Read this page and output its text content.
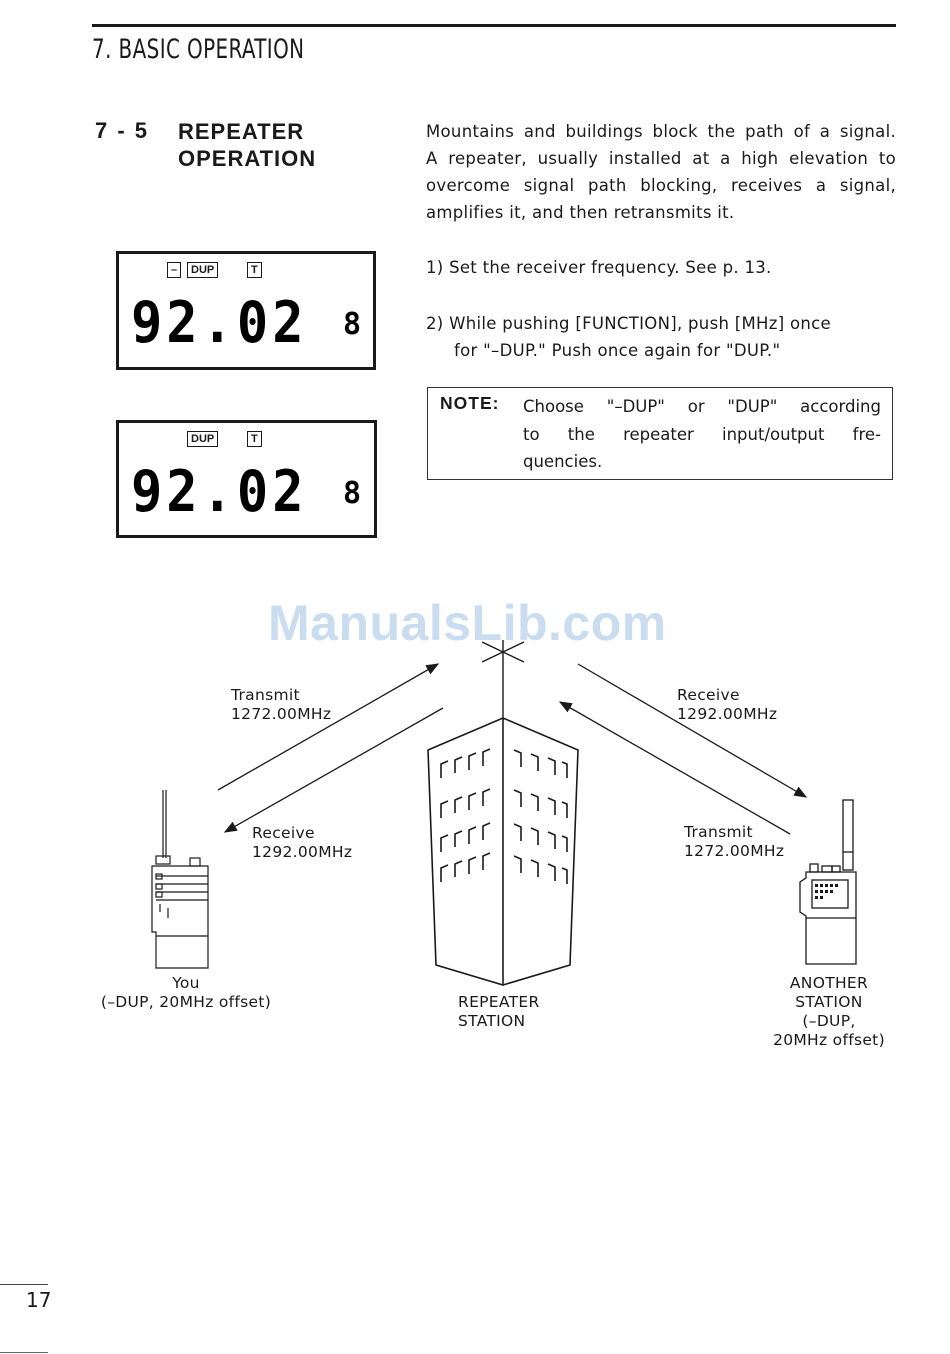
7. BASIC OPERATION
7 - 5 REPEATER
OPERATION
Mountains and buildings block the path of a signal.
A repeater, usually installed at a high elevation to
overcome signal path blocking, receives a signal,
amplifies it, and then retransmits it.
1) Set the receiver frequency. See p. 13.
2) While pushing [FUNCTION], push [MHz] once
for "–DUP." Push once again for "DUP."
NOTE: Choose "–DUP" or "DUP" according
to the repeater input/output fre-
quencies.
–	DUP	T
92.02 8
DUP	T
92.02 8
ManualsLib.com
Transmit
1272.00MHz
Receive
1292.00MHz
Receive
1292.00MHz
Transmit
1272.00MHz
You
(–DUP, 20MHz offset)	REPEATER
STATION
ANOTHER
STATION
(–DUP,
20MHz offset)
17
